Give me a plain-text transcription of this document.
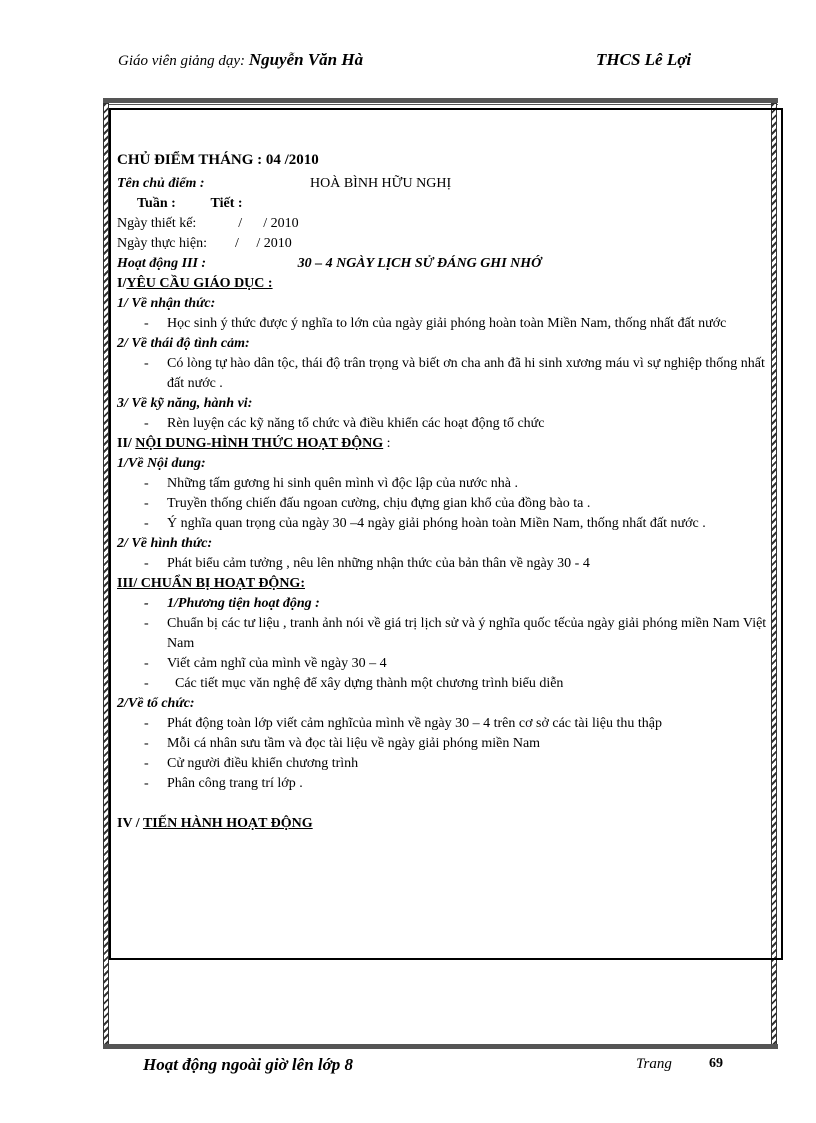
Giáo viên giảng dạy: Nguyễn Văn Hà	THCS Lê Lợi
CHỦ ĐIỂM THÁNG : 04 /2010
Tên chủ điểm :	HOÀ BÌNH HỮU NGHỊ
Tuần :          Tiết :
Ngày thiết kế:            /      / 2010
Ngày thực hiện:        /     / 2010
Hoạt động III :	30 – 4 NGÀY LỊCH SỬ ĐÁNG GHI NHỚ
I/YÊU CẦU GIÁO DỤC :
1/ Về nhận thức:
- Học sinh ý thức được ý nghĩa to lớn của ngày giải phóng hoàn toàn Miền Nam, thống nhất đất nước
2/ Về thái độ tình cảm:
- Có lòng tự hào dân tộc, thái độ trân trọng và biết ơn cha anh đã hi sinh xương máu vì sự nghiệp thống nhất đất nước .
3/ Về kỹ năng, hành vi:
- Rèn luyện các kỹ năng tổ chức và điều khiển các hoạt động tổ chức
II/ NỘI DUNG-HÌNH THỨC HOẠT ĐỘNG :
1/Về Nội dung:
- Những tấm gương hi sinh quên mình vì độc lập của nước nhà .
- Truyền thống chiến đấu ngoan cường, chịu đựng gian khổ của đồng bào ta .
- Ý nghĩa quan trọng của ngày 30 –4 ngày giải phóng hoàn toàn Miền Nam, thống nhất đất nước .
2/ Về hình thức:
- Phát biểu cảm tưởng , nêu lên những nhận thức của bản thân về ngày 30 - 4
III/ CHUẨN BỊ HOẠT ĐỘNG:
- 1/Phương tiện hoạt động :
- Chuẩn bị các tư liệu , tranh ảnh nói về giá trị lịch sử và ý nghĩa quốc tếcủa ngày giải phóng miền Nam Việt Nam
- Viết cảm nghĩ của mình về ngày 30 – 4
- Các tiết mục văn nghệ để xây dựng thành một chương trình biểu diễn
2/Về tổ chức:
- Phát động toàn lớp viết cảm nghĩcủa mình về ngày 30 – 4 trên cơ sở các tài liệu thu thập
- Mỗi cá nhân sưu tầm và đọc tài liệu về ngày giải phóng miền Nam
- Cử người điều khiển chương trình
- Phân công trang trí lớp .
IV / TIẾN HÀNH HOẠT ĐỘNG
Hoạt động ngoài giờ lên lớp 8	Trang	69
